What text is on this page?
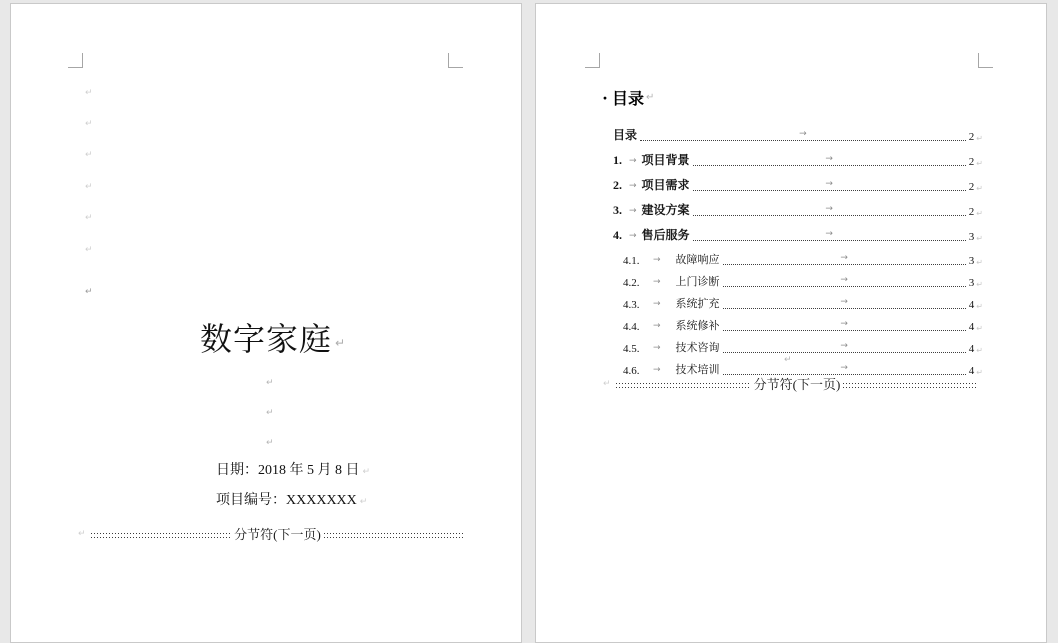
↵
↵
↵
↵
↵
↵
↵
数字家庭 ↵
↵
↵
↵
日期：2018 年 5 月 8 日 ↵
项目编号：XXXXXXX ↵
↵	分节符(下一页)
· 目录 ↵
目录	→	2 ↵
1. → 项目背景	→	2 ↵
2. → 项目需求	→	2 ↵
3. → 建设方案	→	2 ↵
4. → 售后服务	→	3 ↵
4.1.	→ 故障响应	→	3 ↵
4.2.	→ 上门诊断	→	3 ↵
4.3.	→ 系统扩充	→	4 ↵
4.4.	→ 系统修补	→	4 ↵
4.5.	→ 技术咨询	→	4 ↵
4.6.	→ 技术培训	→	4 ↵
↵
↵	分节符(下一页)
